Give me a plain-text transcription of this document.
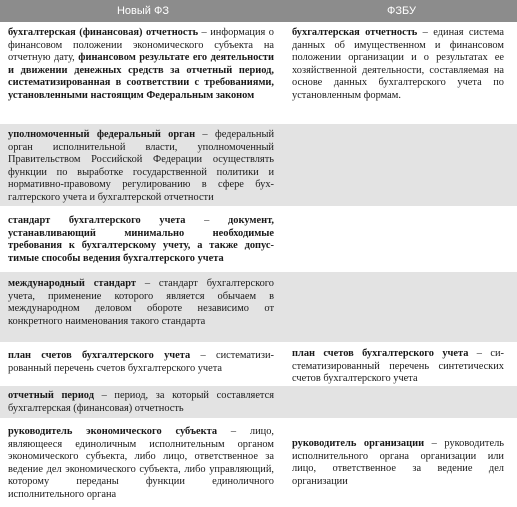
Новый ФЗ	ФЗБУ
бухгалтерская (финансовая) отчетность – информация о финансовом положении экономического субъекта на отчетную дату, финансовом результате его деятельности и движении денежных средств за отчетный период, систематизированная в соответствии с требованиями, установленными настоящим Федеральным законом
бухгалтерская отчетность – единая система данных об имущественном и финансовом положении организации и о результатах ее хозяйственной деятельности, составляемая на основе данных бухгалтерского учета по установленным формам.
уполномоченный федеральный орган – федеральный орган исполнительной власти, уполномоченный Правительством Российской Федерации осуществлять функции по выработке государственной политики и нормативно-правовому регулированию в сфере бухгалтерского учета и бухгалтерской отчетности
стандарт бухгалтерского учета – документ, устанавливающий минимально необходимые требования к бухгалтерскому учету, а также допустимые способы ведения бухгалтерского учета
международный стандарт – стандарт бухгалтерского учета, применение которого является обычаем в международном деловом обороте независимо от конкретного наименования такого стандарта
план счетов бухгалтерского учета – систематизированный перечень счетов бухгалтерского учета
план счетов бухгалтерского учета – систематизированный перечень синтетических счетов бухгалтерского учета
отчетный период – период, за который составляется бухгалтерская (финансовая) отчетность
руководитель экономического субъекта – лицо, являющееся единоличным исполнительным органом экономического субъекта, либо лицо, ответственное за ведение дел экономического субъекта, либо управляющий, которому переданы функции единоличного исполнительного органа
руководитель организации – руководитель исполнительного органа организации или лицо, ответственное за ведение дел организации
